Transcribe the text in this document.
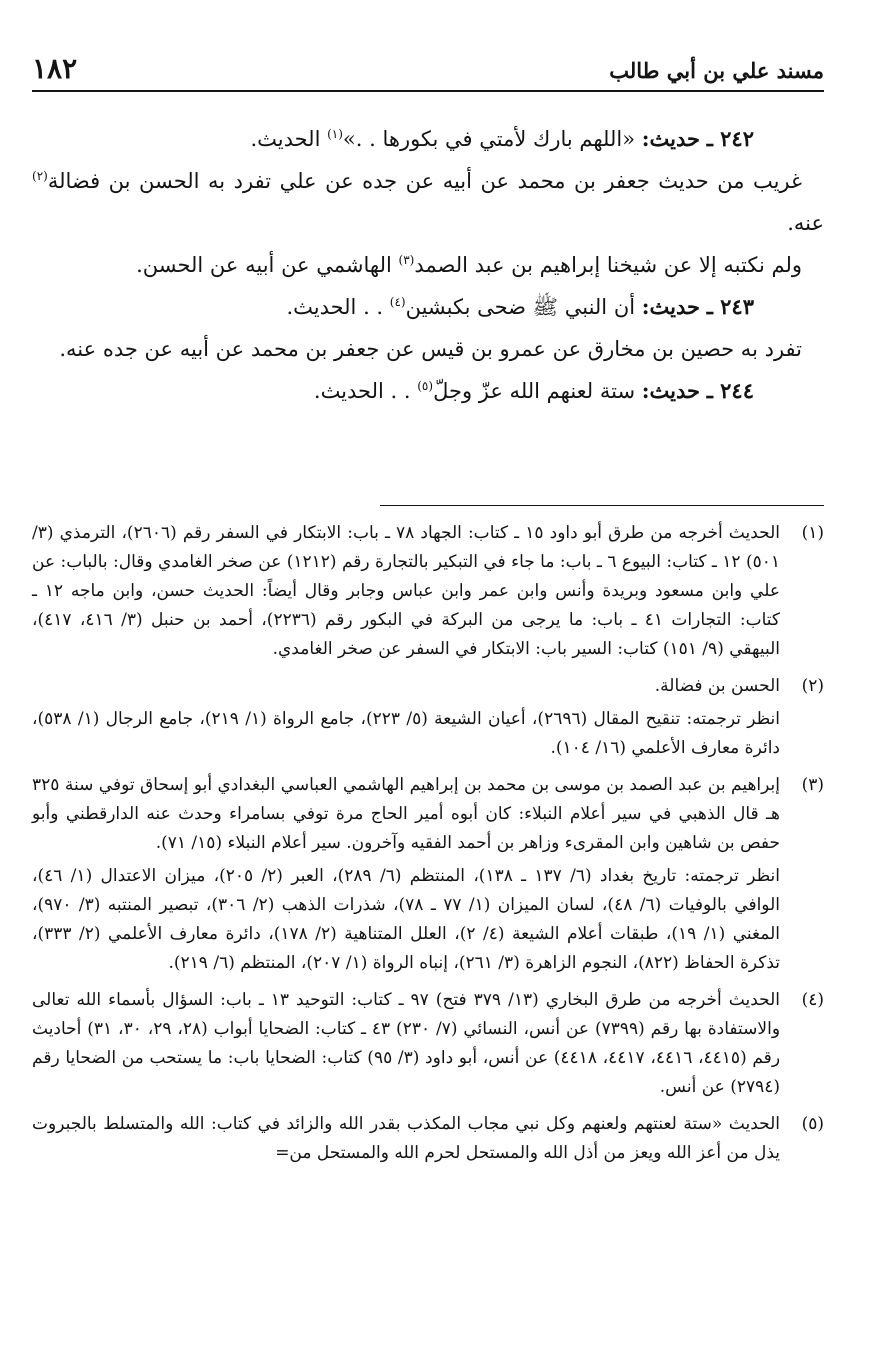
مسند علي بن أبي طالب
١٨٢

٢٤٢ ـ حديث: «اللهم بارك لأمتي في بكورها . .»$^{(١)}$ الحديث.

غريب من حديث جعفر بن محمد عن أبيه عن جده عن علي تفرد به الحسن بن فضالة$^{(٢)}$ عنه.

ولم نكتبه إلا عن شيخنا إبراهيم بن عبد الصمد$^{(٣)}$ الهاشمي عن أبيه عن الحسن.

٢٤٣ ـ حديث: أن النبي ﷺ ضحى بكبشين$^{(٤)}$ . . الحديث.

تفرد به حصين بن مخارق عن عمرو بن قيس عن جعفر بن محمد عن أبيه عن جده عنه.

٢٤٤ ـ حديث: ستة لعنهم الله عزّ وجلّ$^{(٥)}$ . . الحديث.

(١)

الحديث أخرجه من طرق أبو داود ١٥ ـ كتاب: الجهاد ٧٨ ـ باب: الابتكار في السفر رقم (٢٦٠٦)، الترمذي (٣/ ٥٠١) ١٢ ـ كتاب: البيوع ٦ ـ باب: ما جاء في التبكير بالتجارة رقم (١٢١٢) عن صخر الغامدي وقال: بالباب: عن علي وابن مسعود وبريدة وأنس وابن عمر وابن عباس وجابر وقال أيضاً: الحديث حسن، وابن ماجه ١٢ ـ كتاب: التجارات ٤١ ـ باب: ما يرجى من البركة في البكور رقم (٢٢٣٦)، أحمد بن حنبل (٣/ ٤١٦، ٤١٧)، البيهقي (٩/ ١٥١) كتاب: السير باب: الابتكار في السفر عن صخر الغامدي.

(٢)

الحسن بن فضالة.

انظر ترجمته: تنقيح المقال (٢٦٩٦)، أعيان الشيعة (٥/ ٢٢٣)، جامع الرواة (١/ ٢١٩)، جامع الرجال (١/ ٥٣٨)، دائرة معارف الأعلمي (١٦/ ١٠٤).

(٣)

إبراهيم بن عبد الصمد بن موسى بن محمد بن إبراهيم الهاشمي العباسي البغدادي أبو إسحاق توفي سنة ٣٢٥ هـ قال الذهبي في سير أعلام النبلاء: كان أبوه أمير الحاج مرة توفي بسامراء وحدث عنه الدارقطني وأبو حفص بن شاهين وابن المقرىء وزاهر بن أحمد الفقيه وآخرون. سير أعلام النبلاء (١٥/ ٧١).

انظر ترجمته: تاريخ بغداد (٦/ ١٣٧ ـ ١٣٨)، المنتظم (٦/ ٢٨٩)، العبر (٢/ ٢٠٥)، ميزان الاعتدال (١/ ٤٦)، الوافي بالوفيات (٦/ ٤٨)، لسان الميزان (١/ ٧٧ ـ ٧٨)، شذرات الذهب (٢/ ٣٠٦)، تبصير المنتبه (٣/ ٩٧٠)، المغني (١/ ١٩)، طبقات أعلام الشيعة (٤/ ٢)، العلل المتناهية (٢/ ١٧٨)، دائرة معارف الأعلمي (٢/ ٣٣٣)، تذكرة الحفاظ (٨٢٢)، النجوم الزاهرة (٣/ ٢٦١)، إنباه الرواة (١/ ٢٠٧)، المنتظم (٦/ ٢١٩).

(٤)

الحديث أخرجه من طرق البخاري (١٣/ ٣٧٩ فتح) ٩٧ ـ كتاب: التوحيد ١٣ ـ باب: السؤال بأسماء الله تعالى والاستفادة بها رقم (٧٣٩٩) عن أنس، النسائي (٧/ ٢٣٠) ٤٣ ـ كتاب: الضحايا أبواب (٢٨، ٢٩، ٣٠، ٣١) أحاديث رقم (٤٤١٥، ٤٤١٦، ٤٤١٧، ٤٤١٨) عن أنس، أبو داود (٣/ ٩٥) كتاب: الضحايا باب: ما يستحب من الضحايا رقم (٢٧٩٤) عن أنس.

(٥)

الحديث «ستة لعنتهم ولعنهم وكل نبي مجاب المكذب بقدر الله والزائد في كتاب: الله والمتسلط بالجبروت يذل من أعز الله ويعز من أذل الله والمستحل لحرم الله والمستحل من=
